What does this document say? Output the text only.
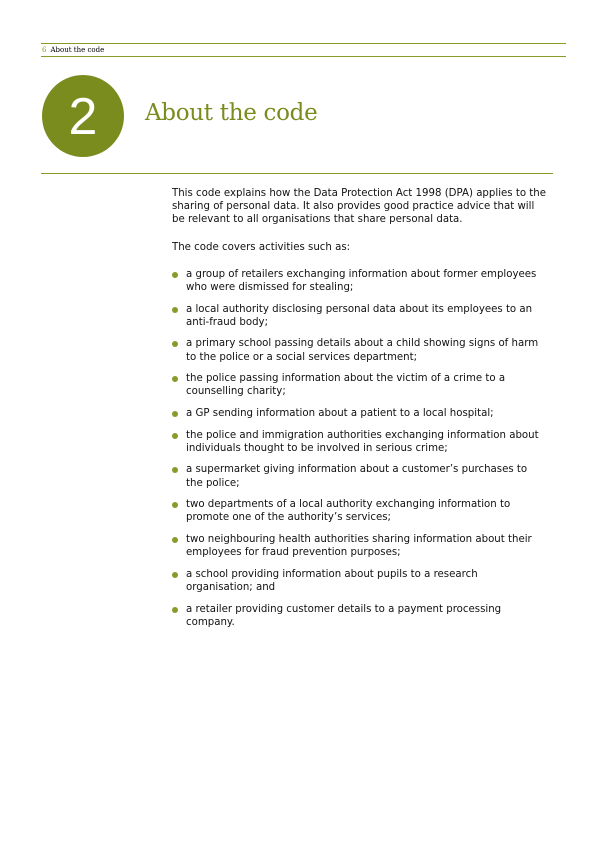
6 About the code
2 About the code

This code explains how the Data Protection Act 1998 (DPA) applies to the sharing of personal data. It also provides good practice advice that will be relevant to all organisations that share personal data.

The code covers activities such as:

a group of retailers exchanging information about former employees who were dismissed for stealing;
a local authority disclosing personal data about its employees to an anti-fraud body;
a primary school passing details about a child showing signs of harm to the police or a social services department;
the police passing information about the victim of a crime to a counselling charity;
a GP sending information about a patient to a local hospital;
the police and immigration authorities exchanging information about individuals thought to be involved in serious crime;
a supermarket giving information about a customer’s purchases to the police;
two departments of a local authority exchanging information to promote one of the authority’s services;
two neighbouring health authorities sharing information about their employees for fraud prevention purposes;
a school providing information about pupils to a research organisation; and
a retailer providing customer details to a payment processing company.
